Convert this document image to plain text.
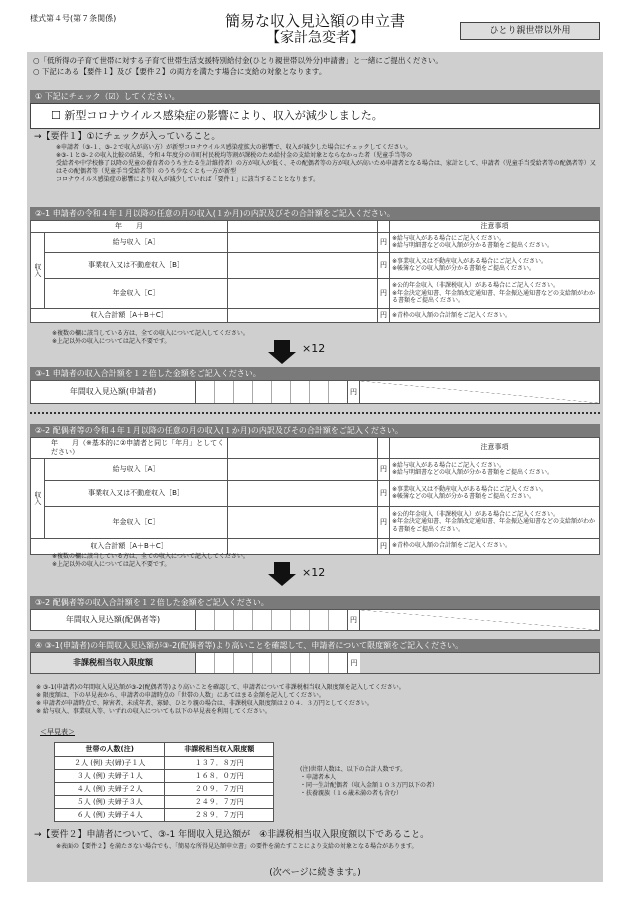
様式第４号(第７条関係)	簡易な収入見込額の申立書
【家計急変者】	ひとり親世帯以外用
○「低所得の子育て世帯に対する子育て世帯生活支援特別給付金(ひとり親世帯以外分)申請書」と一緒にご提出ください。
○ 下記にある【要件１】及び【要件２】の両方を満たす場合に支給の対象となります。
① 下記にチェック（☑）してください。
☐ 新型コロナウイルス感染症の影響により、収入が減少しました。
→【要件１】①にチェックが入っていること。
※申請者（③-１、③-２で収入が高い方）が新型コロナウイルス感染症拡大の影響で、収入が減少した場合にチェックしてください。
※③-１と③-２の収入比較の結果、令和４年度分の市町村民税均等割が課税のため給付金の支給対象とならなかった者（児童手当等の
受給者や中学校修了以降の児童の養育者のうち主たる生計維持者）の方が収入が低く、その配偶者等の方が収入が高いため申請者となる場合は、家計として、申請者（児童手当受給者等の配偶者等）又はその配偶者等（児童手当受給者等）のうち少なくとも一方が新型
コロナウイルス感染症の影響により収入が減少していれば「要件１」に該当することとなります。
②-1 申請者の令和４年１月以降の任意の月の収入(１か月)の内訳及びその合計額をご記入ください。
年　　月				注意事項
収入	給与収入［A］		円	※給与収入がある場合にご記入ください。
※給与明細書などの収入額が分かる書類をご提出ください。

	事業収入又は不動産収入［B］		円	※事業収入又は不動産収入がある場合にご記入ください。
※帳簿などの収入額が分かる書類をご提出ください。

	年金収入［C］		円	※公的年金収入（非課税収入）がある場合にご記入ください。
※年金決定通知書、年金額改定通知書、年金振込通知書などの支給額がわかる書類をご提出ください。

収入合計額［A＋B＋C］			円	※青枠の収入額の合計額をご記入ください。
※複数の欄に該当している方は、全ての収入について記入してください。
※上記以外の収入については記入不要です。
×12
③-1 申請者の収入合計額を１２倍した金額をご記入ください。
年間収入見込額(申請者)	円
②-2 配偶者等の令和４年１月以降の任意の月の収入(１か月)の内訳及びその合計額をご記入ください。
年　　月（※基本的に②申請者と同じ「年月」としてください）				注意事項
収入	給与収入［A］		円	※給与収入がある場合にご記入ください。
※給与明細書などの収入額が分かる書類をご提出ください。

	事業収入又は不動産収入［B］		円	※事業収入又は不動産収入がある場合にご記入ください。
※帳簿などの収入額が分かる書類をご提出ください。

	年金収入［C］		円	※公的年金収入（非課税収入）がある場合にご記入ください。
※年金決定通知書、年金額改定通知書、年金振込通知書などの支給額がわかる書類をご提出ください。

収入合計額［A＋B＋C］			円	※青枠の収入額の合計額をご記入ください。
※複数の欄に該当している方は、全ての収入について記入してください。
※上記以外の収入については記入不要です。
×12
③-2 配偶者等の収入合計額を１２倍した金額をご記入ください。
年間収入見込額(配偶者等)	円
④ ③-1(申請者)の年間収入見込額が③-2(配偶者等)より高いことを確認して、申請者について限度額をご記入ください。
非課税相当収入限度額	円
※ ③-1(申請者)の年間収入見込額が③-2(配偶者等)より高いことを確認して、申請者について非課税相当収入限度額を記入してください。
※ 限度額は、下の早見表から、申請者の申請時点の「世帯の人数」にあてはまる金額を記入してください。
※ 申請者が申請時点で、障害者、未成年者、寡婦、ひとり親の場合は、非課税収入限度額は２０４．３万円としてください。
※ 給与収入、事業収入等、いずれの収入についても以下の早見表を利用してください。
＜早見表＞
世帯の人数(注)	非課税相当収入限度額
２人 (例) 夫(婦)子１人	１３７．８万円
３人 (例) 夫婦子１人	１６８．０万円
４人 (例) 夫婦子２人	２０９．７万円
５人 (例) 夫婦子３人	２４９．７万円
６人 (例) 夫婦子４人	２８９．７万円
(注)世帯人数は、以下の合計人数です。
・申請者本人
・同一生計配偶者（収入金額１０３万円以下の者）
・扶養親族（１６歳未満の者も含む）
→【要件２】申請者について、③-1 年間収入見込額が　④非課税相当収入限度額以下であること。
※表面の【要件２】を満たさない場合でも、「簡易な所得見込額申立書」の要件を満たすことにより支給の対象となる場合があります。
(次ページに続きます。)
